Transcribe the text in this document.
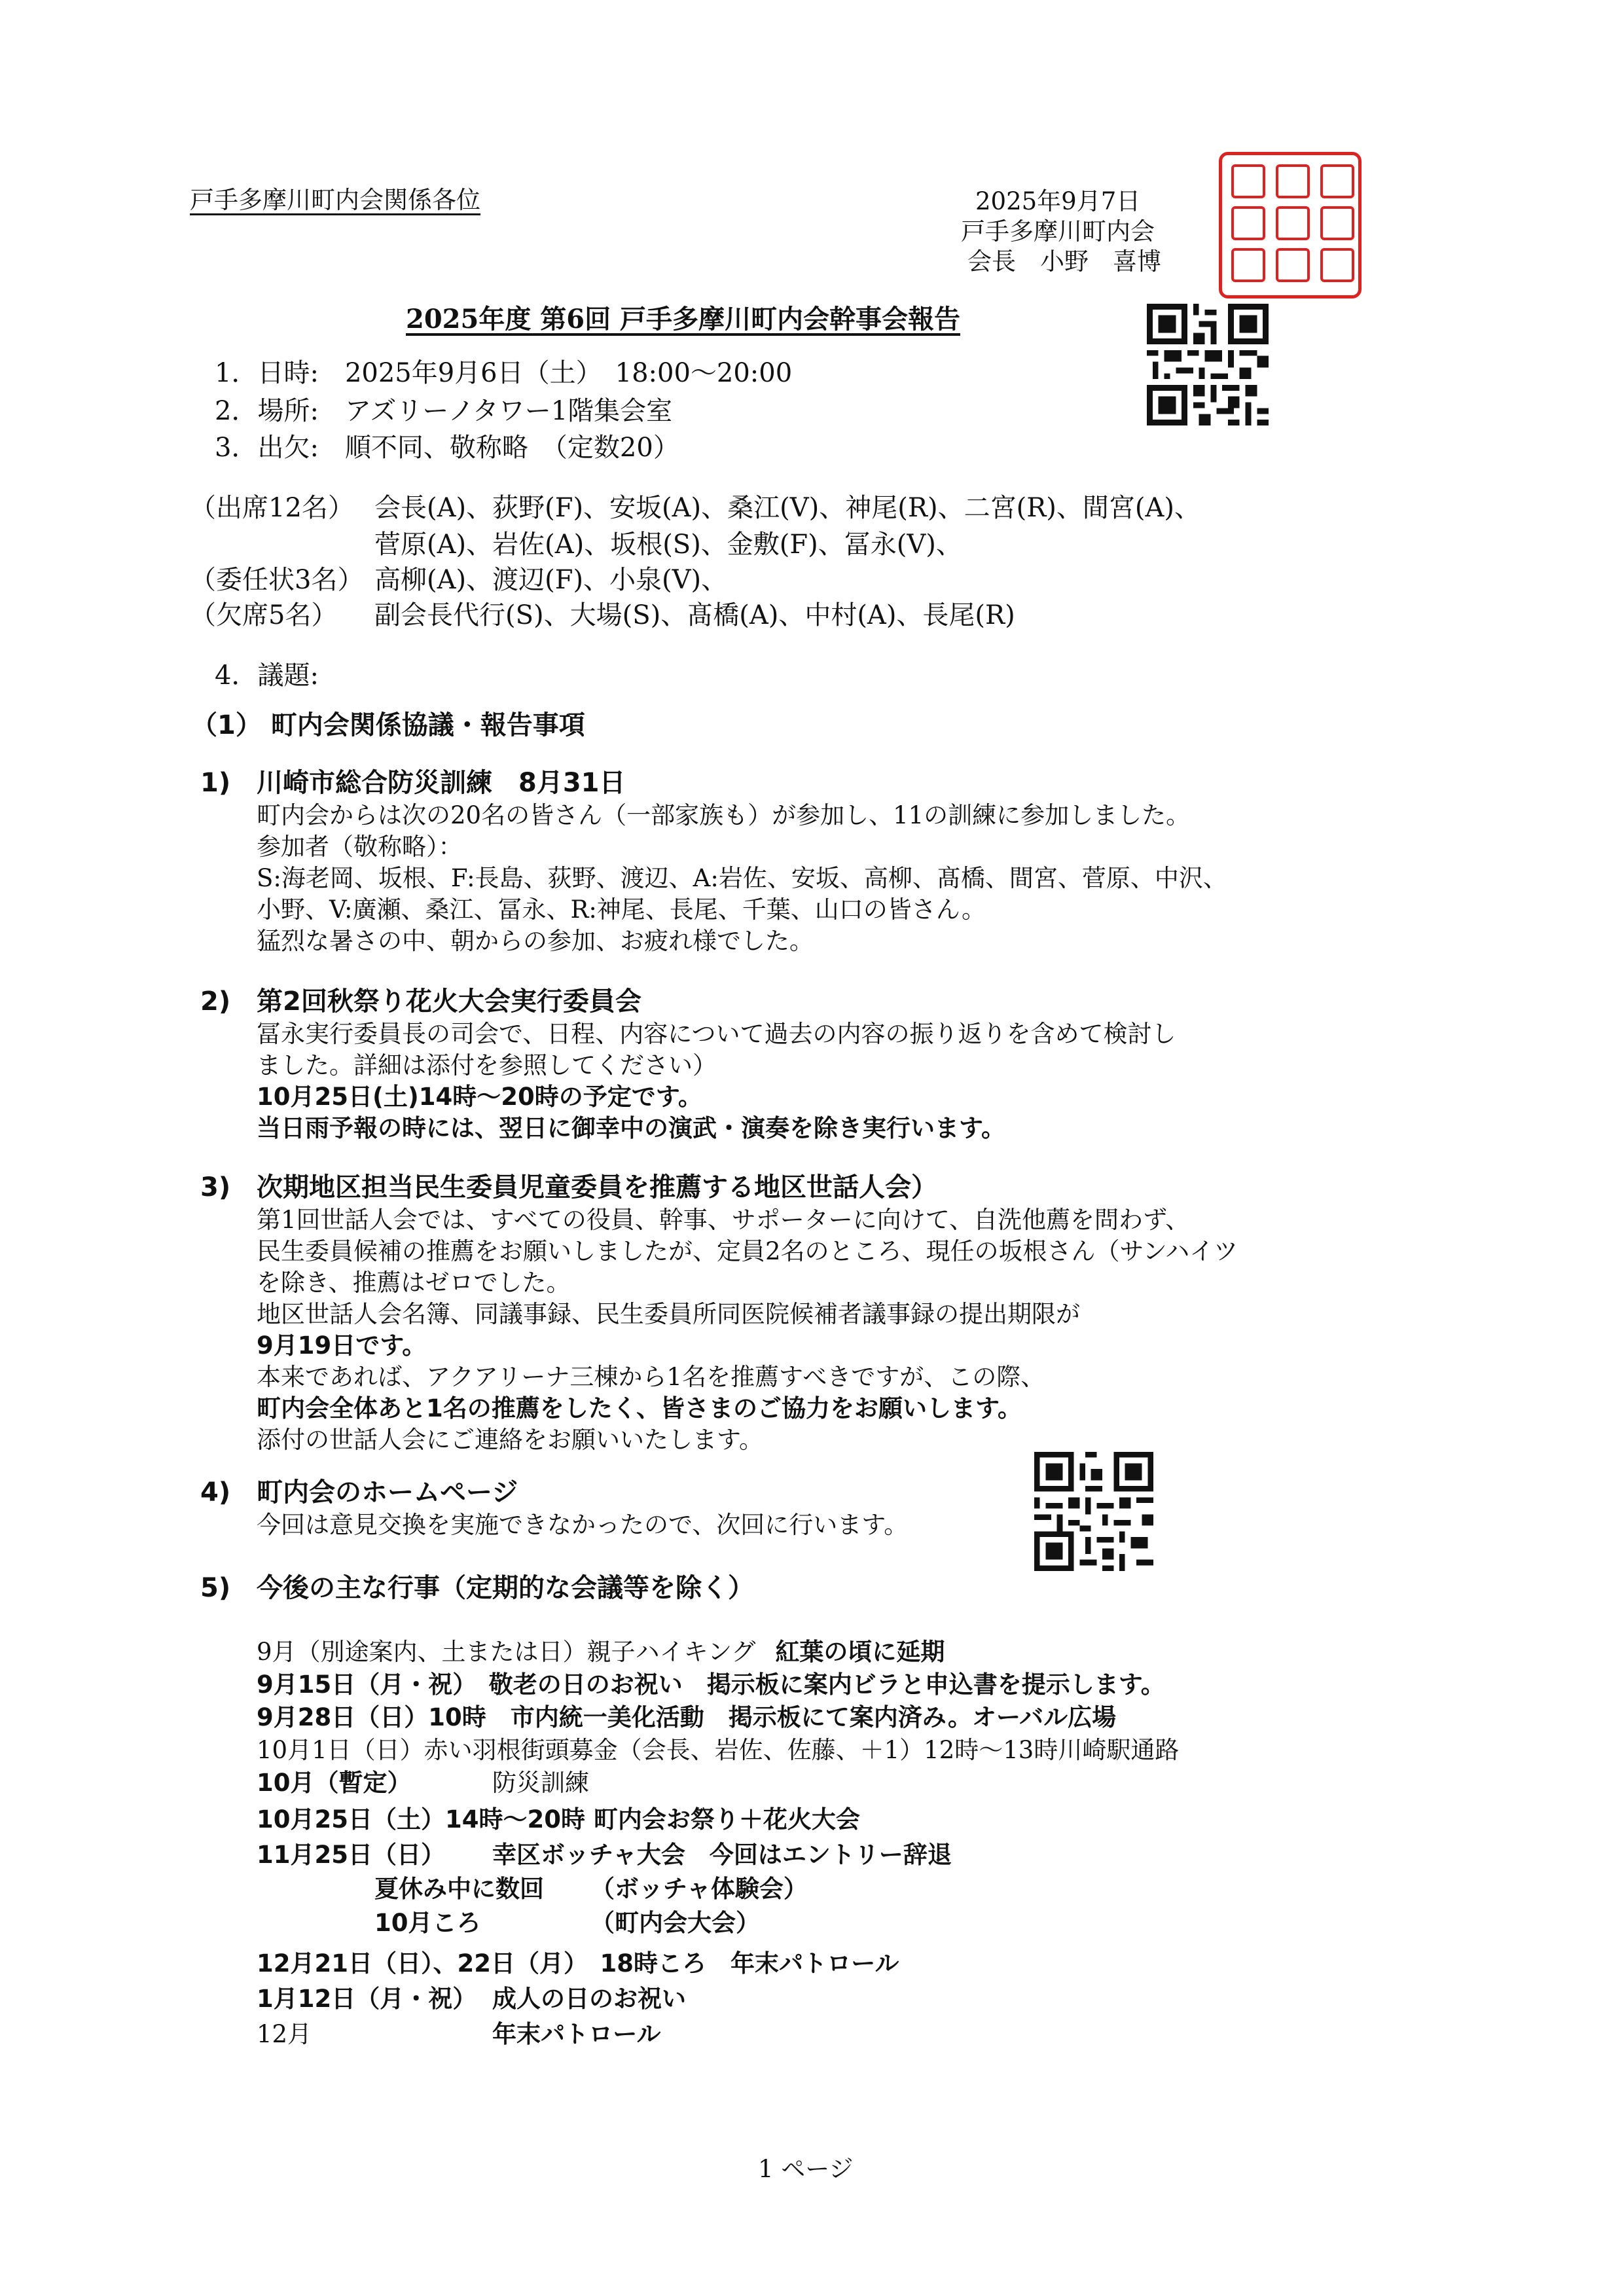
戸手多摩川町内会関係各位	2025年9月7日
戸手多摩川町内会
会長　小野　喜博
2025年度 第6回 戸手多摩川町内会幹事会報告
1．日時: 2025年9月6日（土）　18:00～20:00
2．場所: アズリーノタワー1階集会室
3．出欠: 順不同、敬称略　（定数20）
（出席12名） 会長(A)、荻野(F)、安坂(A)、桑江(V)、神尾(R)、二宮(R)、間宮(A)、
菅原(A)、岩佐(A)、坂根(S)、金敷(F)、冨永(V)、
（委任状3名） 高柳(A)、渡辺(F)、小泉(V)、
（欠席5名） 副会長代行(S)、大場(S)、髙橋(A)、中村(A)、長尾(R)
4．議題:
（1） 町内会関係協議・報告事項
1) 川崎市総合防災訓練　8月31日
町内会からは次の20名の皆さん（一部家族も）が参加し、11の訓練に参加しました。
参加者（敬称略）：
S:海老岡、坂根、F:長島、荻野、渡辺、A:岩佐、安坂、高柳、髙橋、間宮、菅原、中沢、
小野、V:廣瀬、桑江、冨永、R:神尾、長尾、千葉、山口の皆さん。
猛烈な暑さの中、朝からの参加、お疲れ様でした。
2) 第2回秋祭り花火大会実行委員会
冨永実行委員長の司会で、日程、内容について過去の内容の振り返りを含めて検討し
ました。詳細は添付を参照してください）
10月25日(土)14時～20時の予定です。
当日雨予報の時には、翌日に御幸中の演武・演奏を除き実行います。
3) 次期地区担当民生委員児童委員を推薦する地区世話人会）
第1回世話人会では、すべての役員、幹事、サポーターに向けて、自洗他薦を問わず、
民生委員候補の推薦をお願いしましたが、定員2名のところ、現任の坂根さん（サンハイツ
を除き、推薦はゼロでした。
地区世話人会名簿、同議事録、民生委員所同医院候補者議事録の提出期限が
9月19日です。
本来であれば、アクアリーナ三棟から1名を推薦すべきですが、この際、
町内会全体あと1名の推薦をしたく、皆さまのご協力をお願いします。
添付の世話人会にご連絡をお願いいたします。
4) 町内会のホームページ
今回は意見交換を実施できなかったので、次回に行います。
5) 今後の主な行事（定期的な会議等を除く）
9月（別途案内、土または日）親子ハイキング 紅葉の頃に延期
9月15日（月・祝）　敬老の日のお祝い　掲示板に案内ビラと申込書を提示します。
9月28日（日）10時　市内統一美化活動　掲示板にて案内済み。オーバル広場
10月1日（日）赤い羽根街頭募金（会長、岩佐、佐藤、＋1）12時～13時川崎駅通路
10月（暫定）	防災訓練
10月25日（土）14時～20時 町内会お祭り＋花火大会
11月25日（日） 幸区ボッチャ大会　今回はエントリー辞退
夏休み中に数回 （ボッチャ体験会）
10月ころ	（町内会大会）
12月21日（日）、22日（月）　18時ころ　年末パトロール
1月12日（月・祝） 成人の日のお祝い
12月	年末パトロール
1 ページ
